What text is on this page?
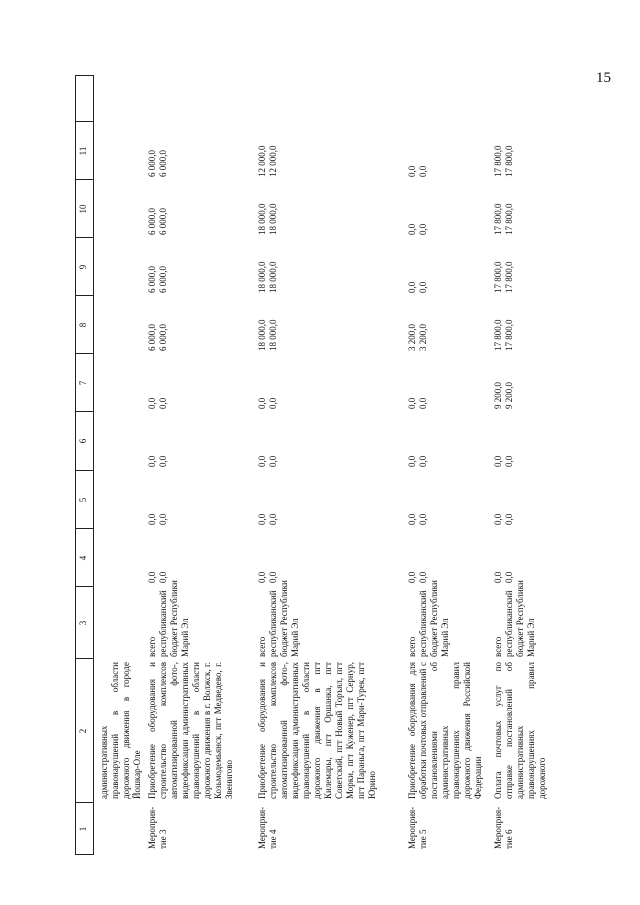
15
1
2
3
4
5
6
7
8
9
10
11
административных правонарушений в области дорожного движения в городе Йошкар-Оле
Мероприя-тие 3
Приобретение оборудования и строительство комплексов автоматизированной фото-, видеофиксации административных правонарушений в области дорожного движения в г. Волжск, г. Козьмодемьянск, пгт Медведево, г. Звенигово
всего республиканский бюджет Республики Марий Эл
0,0 0,0
0,0 0,0
0,0 0,0
0,0 0,0
6 000,0 6 000,0
6 000,0 6 000,0
6 000,0 6 000,0
6 000,0 6 000,0
Мероприя-тие 4
Приобретение оборудования и строительство комплексов автоматизированной фото-, видеофиксации административных правонарушений в области дорожного движения в пгт Килемары, пгт Оршанка, пгт Советский, пгт Новый Торъял, пгт Морки, пгт Куженер, пгт Сернур, пгт Параньга, пгт Мари-Турек, пгт Юрино
всего республиканский бюджет Республики Марий Эл
0,0 0,0
0,0 0,0
0,0 0,0
0,0 0,0
18 000,0 18 000,0
18 000,0 18 000,0
18 000,0 18 000,0
12 000,0 12 000,0
Мероприя-тие 5
Приобретение оборудования для обработки почтовых отправлений с постановлениями об административных правонарушениях правил дорожного движения Российской Федерации
всего республиканский бюджет Республики Марий Эл
0,0 0,0
0,0 0,0
0,0 0,0
0,0 0,0
3 200,0 3 200,0
0,0 0,0
0,0 0,0
0,0 0,0
Мероприя-тие 6
Оплата почтовых услуг по отправке постановлений об административных правонарушениях правил дорожного
всего республиканский бюджет Республики Марий Эл
0,0 0,0
0,0 0,0
0,0 0,0
9 200,0 9 200,0
17 800,0 17 800,0
17 800,0 17 800,0
17 800,0 17 800,0
17 800,0 17 800,0
